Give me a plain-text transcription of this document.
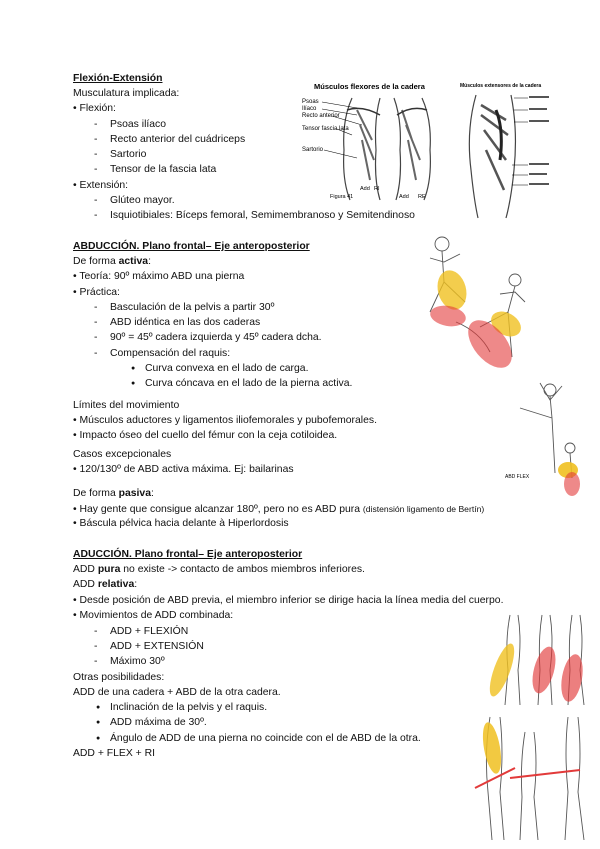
Flexión-Extensión
Musculatura implicada:
• Flexión:
- Psoas ilíaco
- Recto anterior del cuádriceps
- Sartorio
- Tensor de la fascia lata
• Extensión:
- Glúteo mayor.
- Isquiotibiales: Bíceps femoral, Semimembranoso y Semitendinoso
Músculos flexores de la cadera
Psoas
Ilíaco
Recto anterior
Tensor fascia lata
Sartorio
Figura 41
Add RI
Add RE
Músculos extensores de la cadera
ABDUCCIÓN. Plano frontal– Eje anteroposterior
De forma activa:
• Teoría: 90º máximo ABD una pierna
• Práctica:
- Basculación de la pelvis a partir 30º
- ABD idéntica en las dos caderas
- 90º = 45º cadera izquierda y 45º cadera dcha.
- Compensación del raquis:
● Curva convexa en el lado de carga.
● Curva cóncava en el lado de la pierna activa.
Límites del movimiento
• Músculos aductores y ligamentos iliofemorales y pubofemorales.
• Impacto óseo del cuello del fémur con la ceja cotiloidea.
Casos excepcionales
• 120/130º de ABD activa máxima. Ej: bailarinas
De forma pasiva:
• Hay gente que consigue alcanzar 180º, pero no es ABD pura (distensión ligamento de Bertín)
• Báscula pélvica hacia delante à Hiperlordosis
ABD FLEX
ADUCCIÓN. Plano frontal– Eje anteroposterior
ADD pura no existe -> contacto de ambos miembros inferiores.
ADD relativa:
• Desde posición de ABD previa, el miembro inferior se dirige hacia la línea media del cuerpo.
• Movimientos de ADD combinada:
- ADD + FLEXIÓN
- ADD + EXTENSIÓN
- Máximo 30º
Otras posibilidades:
ADD de una cadera + ABD de la otra cadera.
● Inclinación de la pelvis y el raquis.
● ADD máxima de 30º.
● Ángulo de ADD de una pierna no coincide con el de ABD de la otra.
ADD + FLEX + RI
